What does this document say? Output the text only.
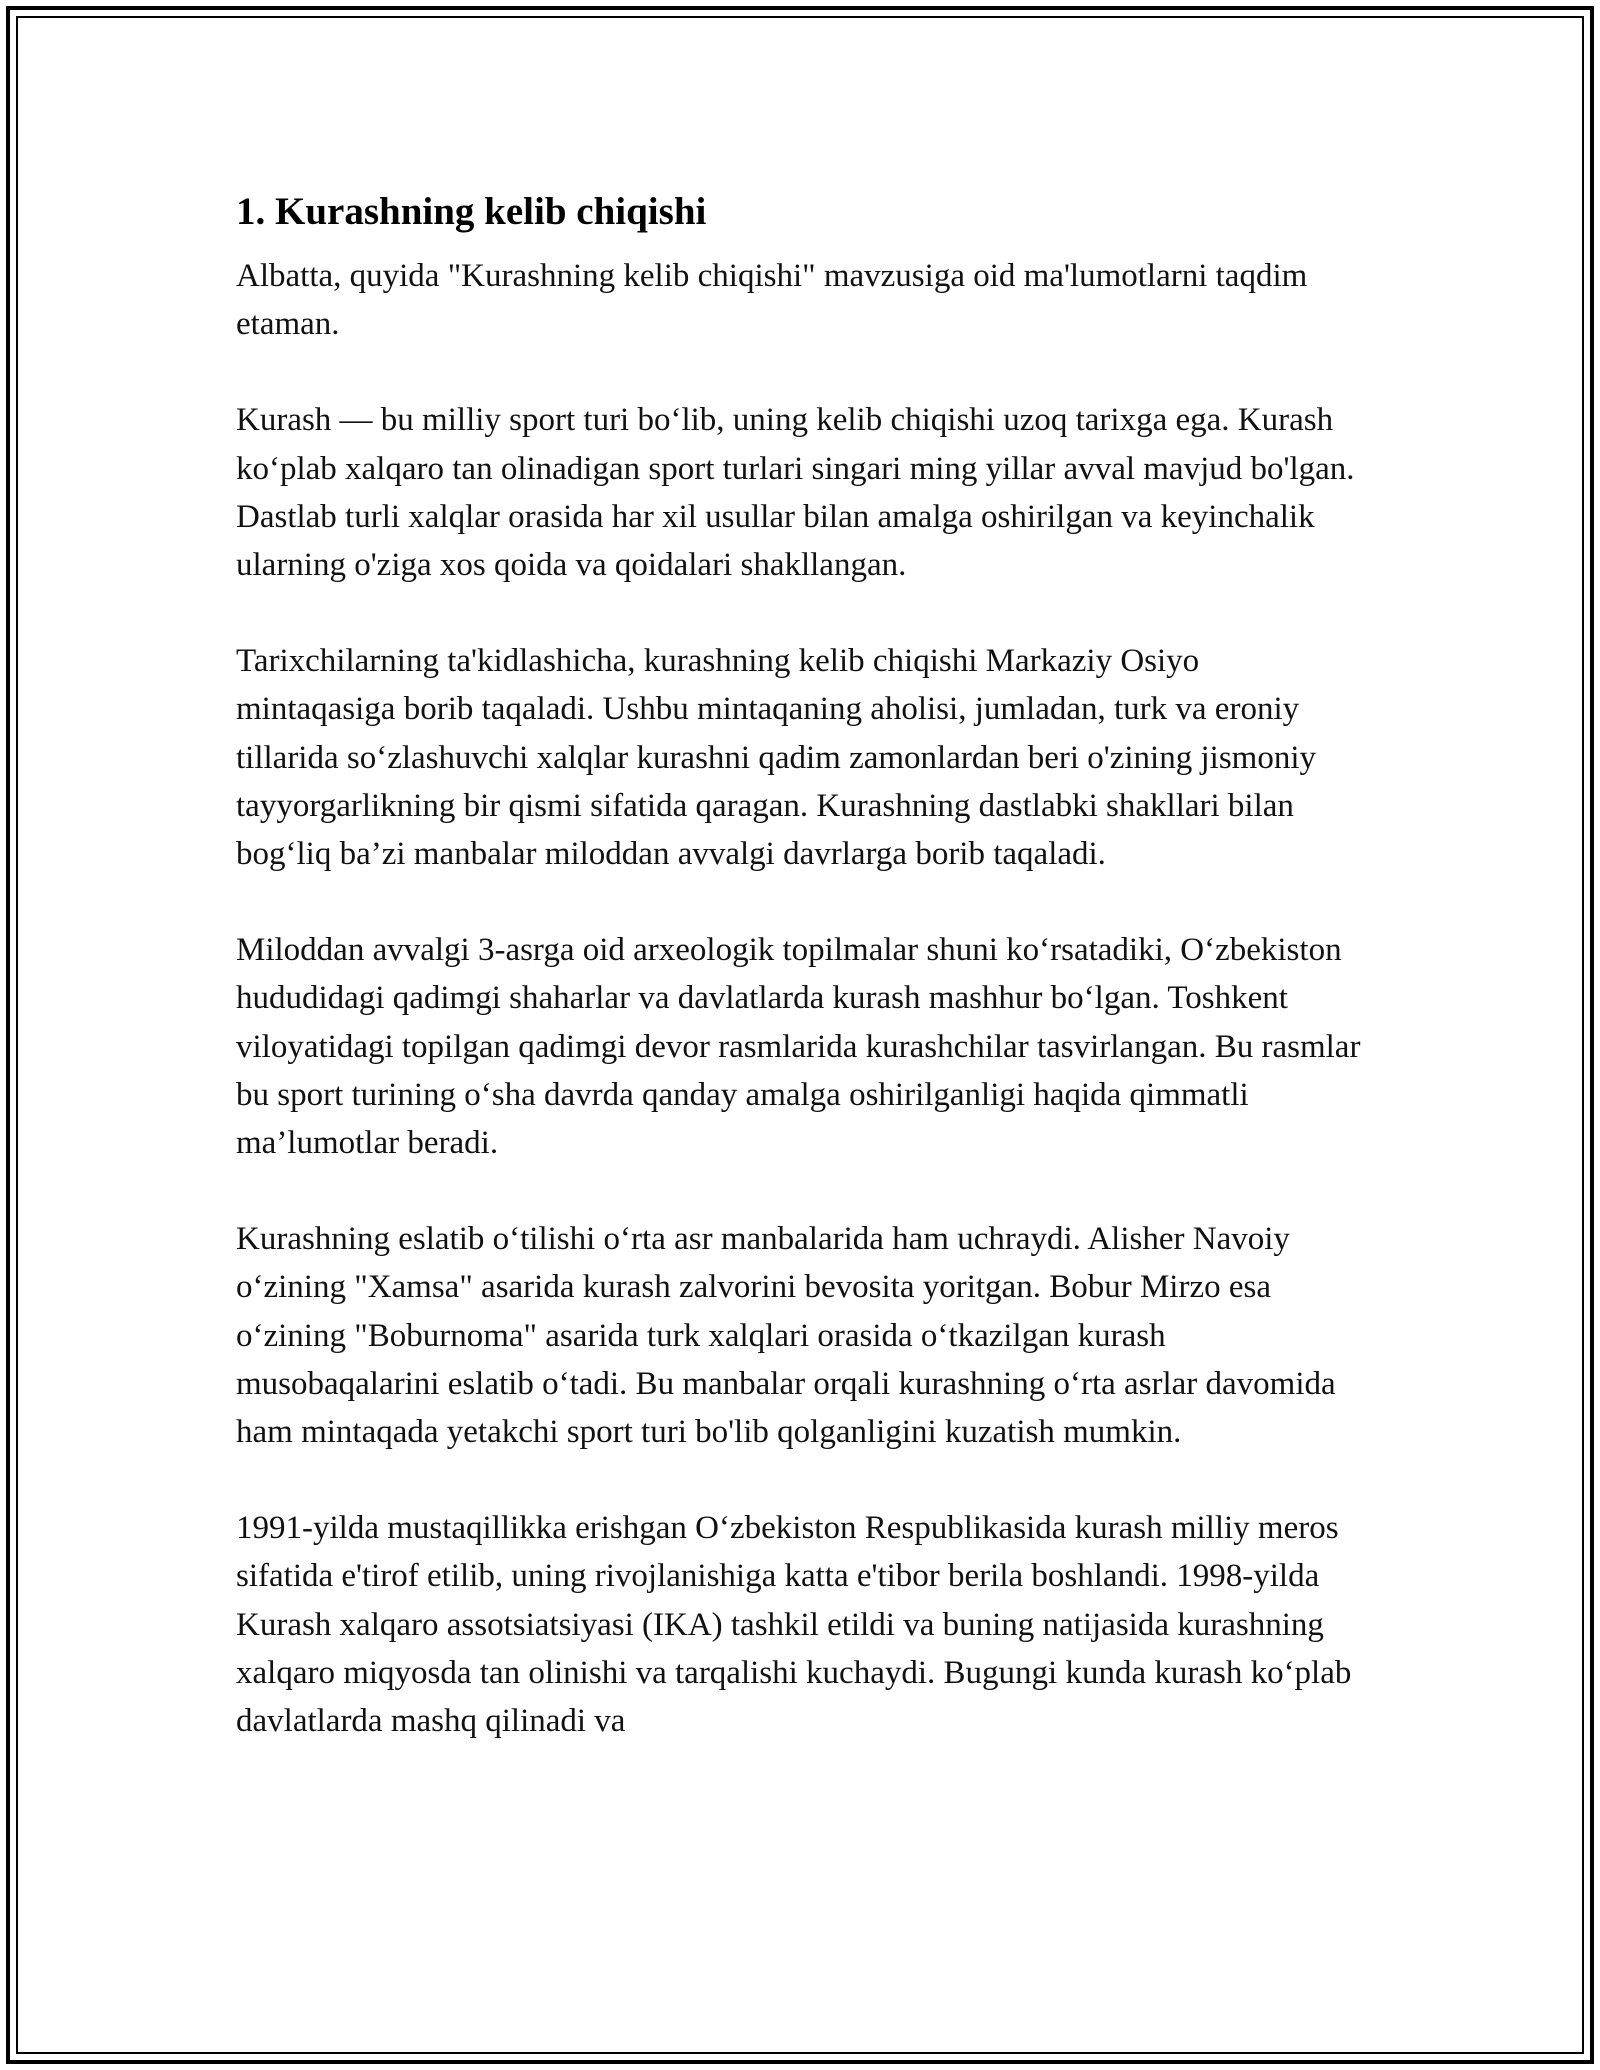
1. Kurashning kelib chiqishi

Albatta, quyida "Kurashning kelib chiqishi" mavzusiga oid ma'lumotlarni taqdim etaman.

Kurash — bu milliy sport turi bo‘lib, uning kelib chiqishi uzoq tarixga ega. Kurash ko‘plab xalqaro tan olinadigan sport turlari singari ming yillar avval mavjud bo'lgan. Dastlab turli xalqlar orasida har xil usullar bilan amalga oshirilgan va keyinchalik ularning o'ziga xos qoida va qoidalari shakllangan.

Tarixchilarning ta'kidlashicha, kurashning kelib chiqishi Markaziy Osiyo mintaqasiga borib taqaladi. Ushbu mintaqaning aholisi, jumladan, turk va eroniy tillarida so‘zlashuvchi xalqlar kurashni qadim zamonlardan beri o'zining jismoniy tayyorgarlikning bir qismi sifatida qaragan. Kurashning dastlabki shakllari bilan bog‘liq ba’zi manbalar miloddan avvalgi davrlarga borib taqaladi.

Miloddan avvalgi 3-asrga oid arxeologik topilmalar shuni ko‘rsatadiki, O‘zbekiston hududidagi qadimgi shaharlar va davlatlarda kurash mashhur bo‘lgan. Toshkent viloyatidagi topilgan qadimgi devor rasmlarida kurashchilar tasvirlangan. Bu rasmlar bu sport turining o‘sha davrda qanday amalga oshirilganligi haqida qimmatli ma’lumotlar beradi.

Kurashning eslatib o‘tilishi o‘rta asr manbalarida ham uchraydi. Alisher Navoiy o‘zining "Xamsa" asarida kurash zalvorini bevosita yoritgan. Bobur Mirzo esa o‘zining "Boburnoma" asarida turk xalqlari orasida o‘tkazilgan kurash musobaqalarini eslatib o‘tadi. Bu manbalar orqali kurashning o‘rta asrlar davomida ham mintaqada yetakchi sport turi bo'lib qolganligini kuzatish mumkin.

1991-yilda mustaqillikka erishgan O‘zbekiston Respublikasida kurash milliy meros sifatida e'tirof etilib, uning rivojlanishiga katta e'tibor berila boshlandi. 1998-yilda Kurash xalqaro assotsiatsiyasi (IKA) tashkil etildi va buning natijasida kurashning xalqaro miqyosda tan olinishi va tarqalishi kuchaydi. Bugungi kunda kurash ko‘plab davlatlarda mashq qilinadi va
